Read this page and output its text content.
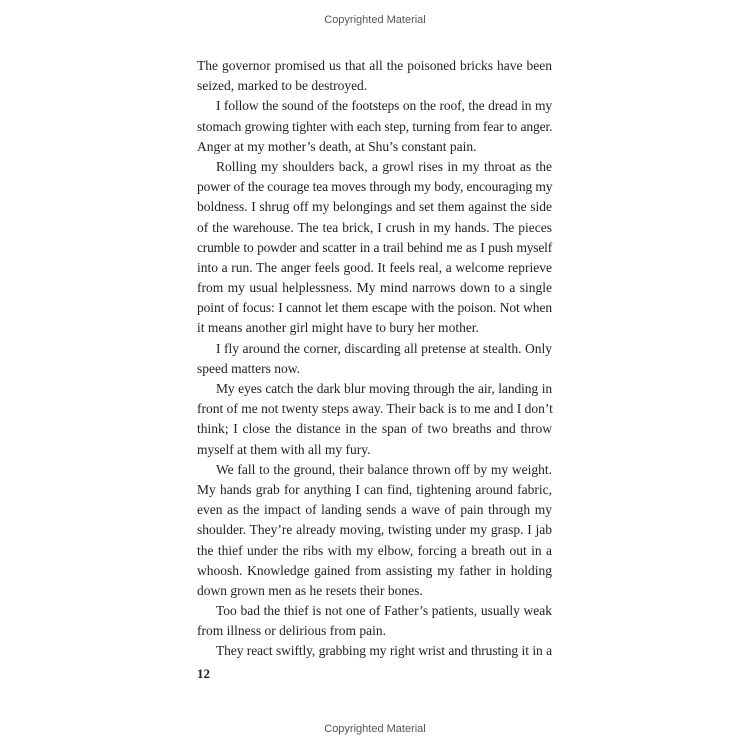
Copyrighted Material
The governor promised us that all the poisoned bricks have been
seized, marked to be destroyed.
I follow the sound of the footsteps on the roof, the dread in my
stomach growing tighter with each step, turning from fear to anger.
Anger at my mother’s death, at Shu’s constant pain.
Rolling my shoulders back, a growl rises in my throat as the
power of the courage tea moves through my body, encouraging my
boldness. I shrug off my belongings and set them against the side
of the warehouse. The tea brick, I crush in my hands. The pieces
crumble to powder and scatter in a trail behind me as I push myself
into a run. The anger feels good. It feels real, a welcome reprieve
from my usual helplessness. My mind narrows down to a single
point of focus: I cannot let them escape with the poison. Not when
it means another girl might have to bury her mother.
I fly around the corner, discarding all pretense at stealth. Only
speed matters now.
My eyes catch the dark blur moving through the air, landing in
front of me not twenty steps away. Their back is to me and I don’t
think; I close the distance in the span of two breaths and throw
myself at them with all my fury.
We fall to the ground, their balance thrown off by my weight.
My hands grab for anything I can find, tightening around fabric,
even as the impact of landing sends a wave of pain through my
shoulder. They’re already moving, twisting under my grasp. I jab
the thief under the ribs with my elbow, forcing a breath out in a
whoosh. Knowledge gained from assisting my father in holding
down grown men as he resets their bones.
Too bad the thief is not one of Father’s patients, usually weak
from illness or delirious from pain.
They react swiftly, grabbing my right wrist and thrusting it in a
12
Copyrighted Material
